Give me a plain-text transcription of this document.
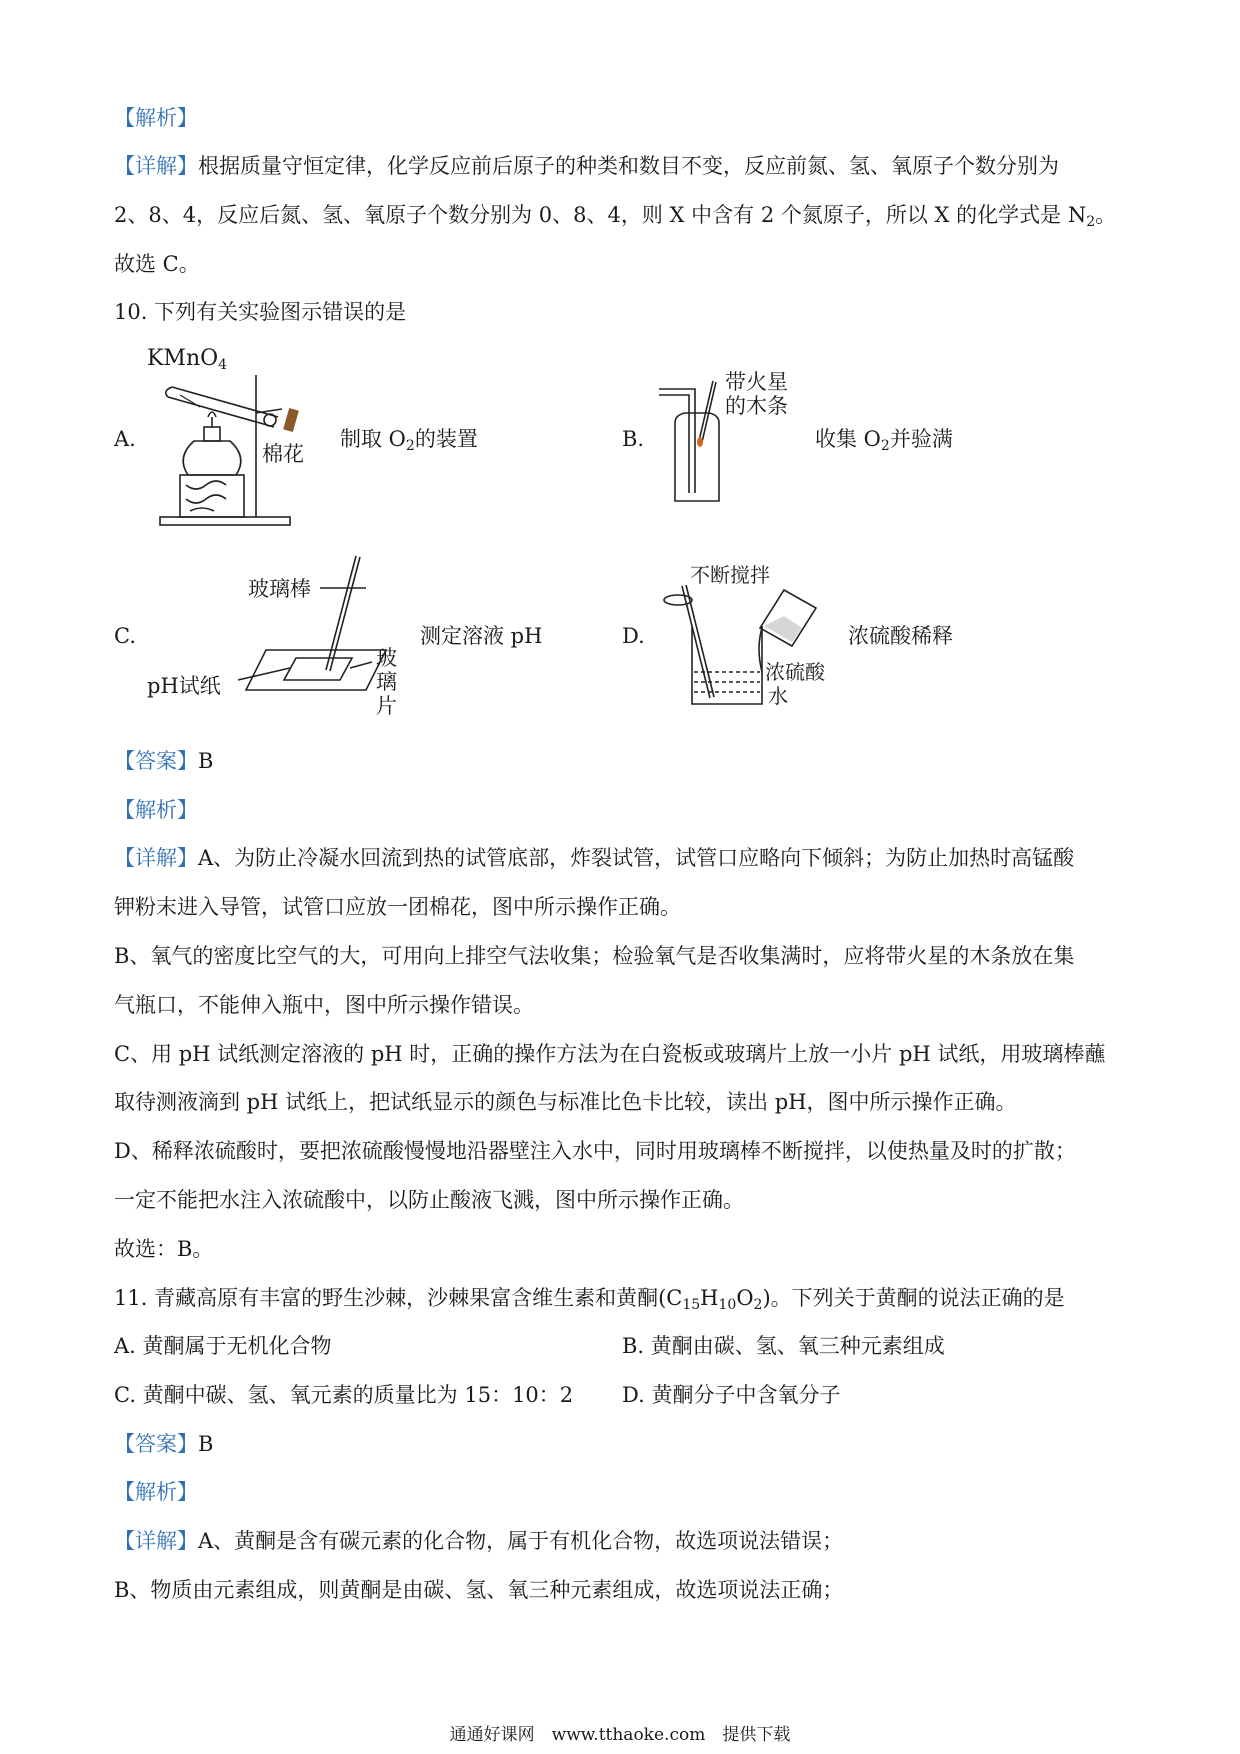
【解析】
【详解】根据质量守恒定律，化学反应前后原子的种类和数目不变，反应前氮、氢、氧原子个数分别为
2、8、4，反应后氮、氢、氧原子个数分别为 0、8、4，则 X 中含有 2 个氮原子，所以 X 的化学式是 $N_2$。
故选 C。
10. 下列有关实验图示错误的是
A.
KMnO$_4$
棉花
制取 $O_2$的装置	B.
带火星
的木条
收集 $O_2$并验满
C.
玻璃棒
pH试纸
玻
璃
片
测定溶液 pH	D.
不断搅拌
浓硫酸
水
浓硫酸稀释
【答案】B
【解析】
【详解】A、为防止冷凝水回流到热的试管底部，炸裂试管，试管口应略向下倾斜；为防止加热时高锰酸
钾粉末进入导管，试管口应放一团棉花，图中所示操作正确。
B、氧气的密度比空气的大，可用向上排空气法收集；检验氧气是否收集满时，应将带火星的木条放在集
气瓶口，不能伸入瓶中，图中所示操作错误。
C、用 pH 试纸测定溶液的 pH 时，正确的操作方法为在白瓷板或玻璃片上放一小片 pH 试纸，用玻璃棒蘸
取待测液滴到 pH 试纸上，把试纸显示的颜色与标准比色卡比较，读出 pH，图中所示操作正确。
D、稀释浓硫酸时，要把浓硫酸慢慢地沿器壁注入水中，同时用玻璃棒不断搅拌，以使热量及时的扩散；
一定不能把水注入浓硫酸中，以防止酸液飞溅，图中所示操作正确。
故选：B。
11. 青藏高原有丰富的野生沙棘，沙棘果富含维生素和黄酮$(C_{15}H_{10}O_2)$。下列关于黄酮的说法正确的是
A. 黄酮属于无机化合物	B. 黄酮由碳、氢、氧三种元素组成
C. 黄酮中碳、氢、氧元素的质量比为 15：10：2 D. 黄酮分子中含氧分子
【答案】B
【解析】
【详解】A、黄酮是含有碳元素的化合物，属于有机化合物，故选项说法错误；
B、物质由元素组成，则黄酮是由碳、氢、氧三种元素组成，故选项说法正确；
通通好课网　www.tthaoke.com　提供下载
